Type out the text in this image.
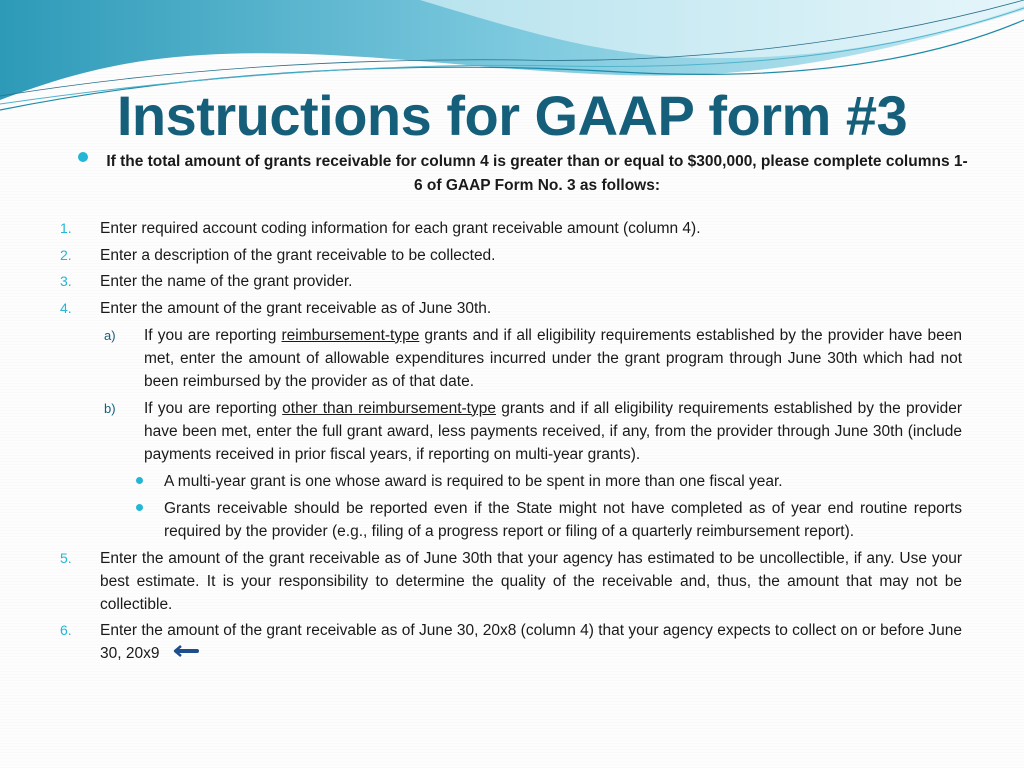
Instructions for GAAP form #3

If the total amount of grants receivable for column 4 is greater than or equal to $300,000, please complete columns 1-6 of GAAP Form No. 3 as follows:

1. Enter required account coding information for each grant receivable amount (column 4).
2. Enter a description of the grant receivable to be collected.
3. Enter the name of the grant provider.
4. Enter the amount of the grant receivable as of June 30th.
a) If you are reporting reimbursement-type grants and if all eligibility requirements established by the provider have been met, enter the amount of allowable expenditures incurred under the grant program through June 30th which had not been reimbursed by the provider as of that date.
b) If you are reporting other than reimbursement-type grants and if all eligibility requirements established by the provider have been met, enter the full grant award, less payments received, if any, from the provider through June 30th (include payments received in prior fiscal years, if reporting on multi-year grants).
A multi-year grant is one whose award is required to be spent in more than one fiscal year.
Grants receivable should be reported even if the State might not have completed as of year end routine reports required by the provider (e.g., filing of a progress report or filing of a quarterly reimbursement report).
5. Enter the amount of the grant receivable as of June 30th that your agency has estimated to be uncollectible, if any. Use your best estimate. It is your responsibility to determine the quality of the receivable and, thus, the amount that may not be collectible.
6. Enter the amount of the grant receivable as of June 30, 20x8 (column 4) that your agency expects to collect on or before June 30, 20x9
